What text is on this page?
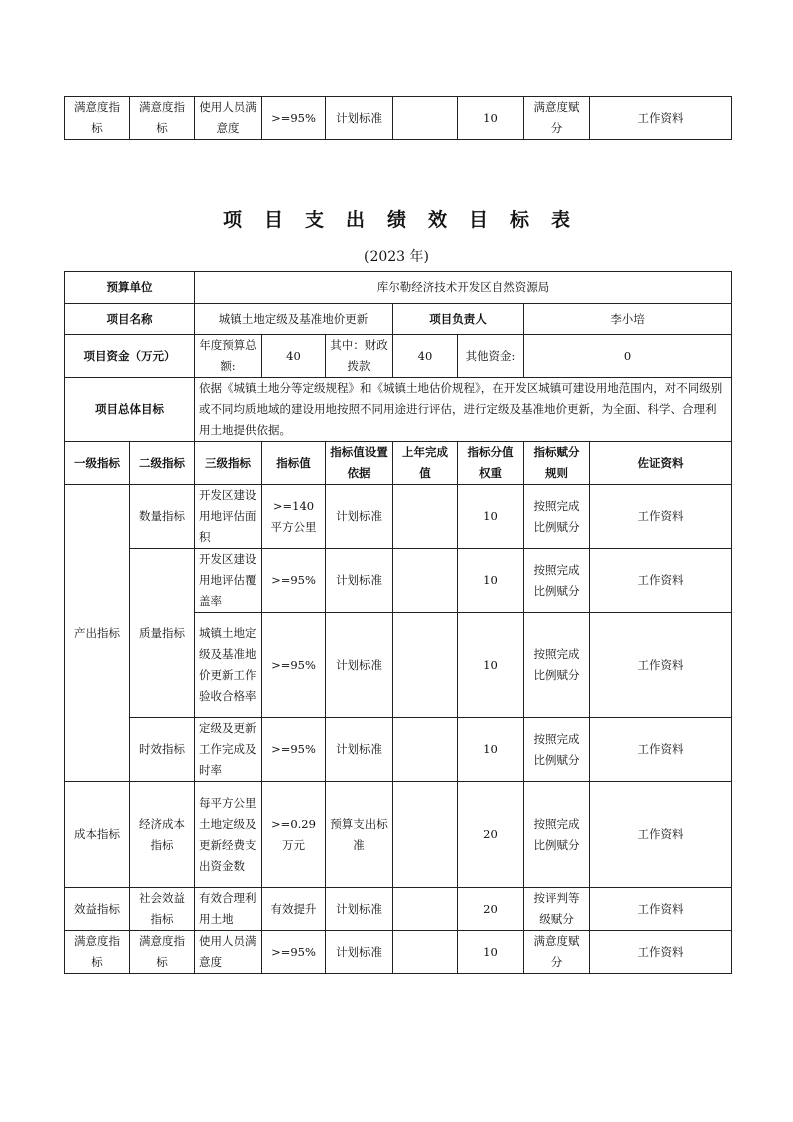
满意度指标	满意度指标	使用人员满意度	>=95%	计划标准		10	满意度赋分	工作资料
项目支出绩效目标表
(2023 年)
预算单位		库尔勒经济技术开发区自然资源局						
项目名称		城镇土地定级及基准地价更新			项目负责人		李小培	
项目资金（万元）		年度预算总额:	40	其中：财政拨款	40	其他资金:	0	
项目总体目标		依据《城镇土地分等定级规程》和《城镇土地估价规程》，在开发区城镇可建设用地范围内，对不同级别或不同均质地域的建设用地按照不同用途进行评估，进行定级及基准地价更新，为全面、科学、合理利用土地提供依据。						
一级指标	二级指标	三级指标	指标值	指标值设置依据	上年完成值	指标分值权重	指标赋分规则	佐证资料
产出指标	数量指标	开发区建设用地评估面积	>=140 平方公里	计划标准		10	按照完成比例赋分	工作资料
	质量指标	开发区建设用地评估覆盖率	>=95%	计划标准		10	按照完成比例赋分	工作资料
		城镇土地定级及基准地价更新工作验收合格率	>=95%	计划标准		10	按照完成比例赋分	工作资料
	时效指标	定级及更新工作完成及时率	>=95%	计划标准		10	按照完成比例赋分	工作资料
成本指标	经济成本指标	每平方公里土地定级及更新经费支出资金数	>=0.29 万元	预算支出标准		20	按照完成比例赋分	工作资料
效益指标	社会效益指标	有效合理利用土地	有效提升	计划标准		20	按评判等级赋分	工作资料
满意度指标	满意度指标	使用人员满意度	>=95%	计划标准		10	满意度赋分	工作资料
